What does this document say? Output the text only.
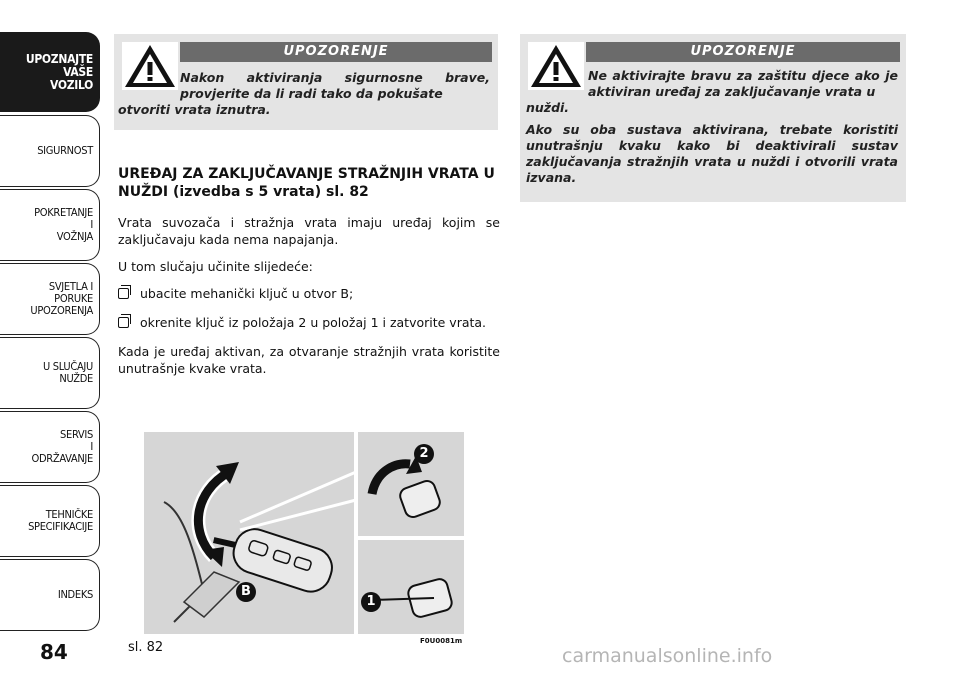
UPOZNAJTE
VAŠE
VOZILO
SIGURNOST
POKRETANJE
I
VOŽNJA
SVJETLA I
PORUKE
UPOZORENJA
U SLUČAJU
NUŽDE
SERVIS
I
ODRŽAVANJE
TEHNIČKE
SPECIFIKACIJE
INDEKS
84
UPOZORENJE
Nakon aktiviranja sigurnosne brave, provjerite da li radi tako da pokušate
otvoriti vrata iznutra.
UPOZORENJE

Ne aktivirajte bravu za zaštitu djece ako je aktiviran uređaj za zaključavanje vrata u
nuždi.

Ako su oba sustava aktivirana, trebate koristiti unutrašnju kvaku kako bi deaktivirali sustav zaključavanja stražnjih vrata u nuždi i otvorili vrata izvana.

UREĐAJ ZA ZAKLJUČAVANJE STRAŽNJIH VRATA U NUŽDI (izvedba s 5 vrata) sl. 82

Vrata suvozača i stražnja vrata imaju uređaj kojim se zaključavaju kada nema napajanja.

U tom slučaju učinite slijedeće:

ubacite mehanički ključ u otvor B;
okrenite ključ iz položaja 2 u položaj 1 i zatvorite vrata.

Kada je uređaj aktivan, za otvaranje stražnjih vrata koristite unutrašnje kvake vrata.

B
1
2
F0U0081m
sl. 82	carmanualsonline.info
